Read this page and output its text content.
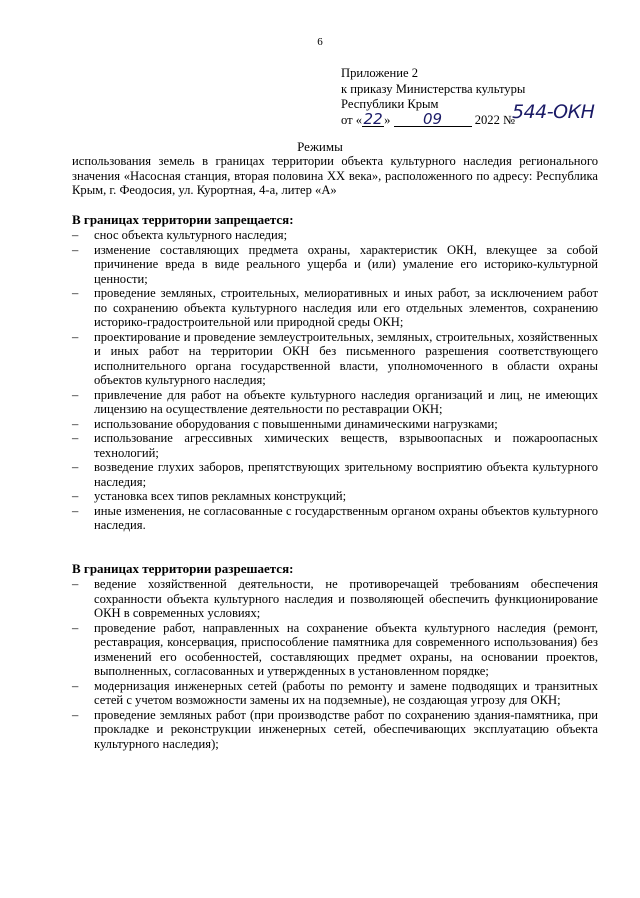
6
Приложение 2
к приказу Министерства культуры
Республики Крым
от «22» 09	2022 №
544-ОКН
Режимы
использования земель в границах территории объекта культурного наследия регионального значения «Насосная станция, вторая половина XX века», расположенного по адресу: Республика Крым, г. Феодосия, ул. Курортная, 4-а, литер «А»
В границах территории запрещается:
– снос объекта культурного наследия;
– изменение составляющих предмета охраны, характеристик ОКН, влекущее за собой причинение вреда в виде реального ущерба и (или) умаление его историко-культурной ценности;
– проведение земляных, строительных, мелиоративных и иных работ, за исключением работ по сохранению объекта культурного наследия или его отдельных элементов, сохранению историко-градостроительной или природной среды ОКН;
– проектирование и проведение землеустроительных, земляных, строительных, хозяйственных и иных работ на территории ОКН без письменного разрешения соответствующего исполнительного органа государственной власти, уполномоченного в области охраны объектов культурного наследия;
– привлечение для работ на объекте культурного наследия организаций и лиц, не имеющих лицензию на осуществление деятельности по реставрации ОКН;
– использование оборудования с повышенными динамическими нагрузками;
– использование агрессивных химических веществ, взрывоопасных и пожароопасных технологий;
– возведение глухих заборов, препятствующих зрительному восприятию объекта культурного наследия;
– установка всех типов рекламных конструкций;
– иные изменения, не согласованные с государственным органом охраны объектов культурного наследия.
В границах территории разрешается:
– ведение хозяйственной деятельности, не противоречащей требованиям обеспечения сохранности объекта культурного наследия и позволяющей обеспечить функционирование ОКН в современных условиях;
– проведение работ, направленных на сохранение объекта культурного наследия (ремонт, реставрация, консервация, приспособление памятника для современного использования) без изменений его особенностей, составляющих предмет охраны, на основании проектов, выполненных, согласованных и утвержденных в установленном порядке;
– модернизация инженерных сетей (работы по ремонту и замене подводящих и транзитных сетей с учетом возможности замены их на подземные), не создающая угрозу для ОКН;
– проведение земляных работ (при производстве работ по сохранению здания-памятника, при прокладке и реконструкции инженерных сетей, обеспечивающих эксплуатацию объекта культурного наследия);
